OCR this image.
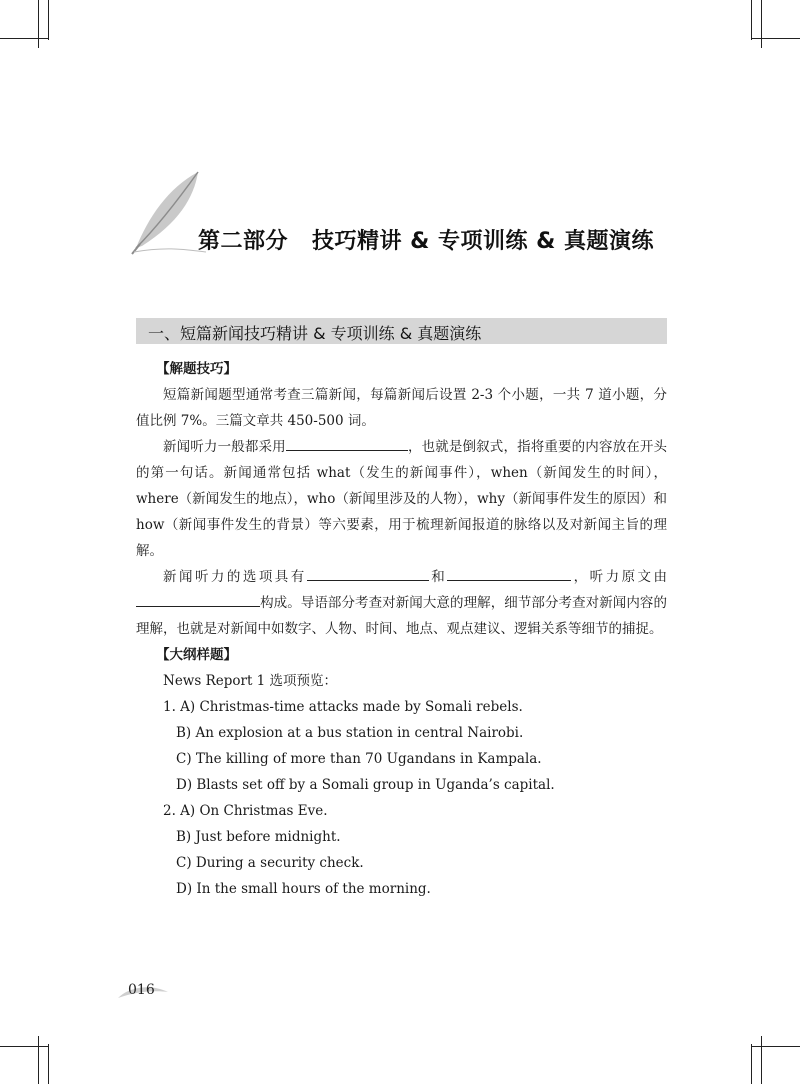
第二部分 技巧精讲 & 专项训练 & 真题演练
一、短篇新闻技巧精讲 & 专项训练 & 真题演练
【解题技巧】

短篇新闻题型通常考查三篇新闻，每篇新闻后设置 2-3 个小题，一共 7 道小题，分值比例 7%。三篇文章共 450-500 词。

新闻听力一般都采用	，也就是倒叙式，指将重要的内容放在开头的第一句话。新闻通常包括 what（发生的新闻事件），when（新闻发生的时间），where（新闻发生的地点），who（新闻里涉及的人物），why（新闻事件发生的原因）和 how（新闻事件发生的背景）等六要素，用于梳理新闻报道的脉络以及对新闻主旨的理解。

新闻听力的选项具有	和	，听力原文由构成。导语部分考查对新闻大意的理解，细节部分考查对新闻内容的理解，也就是对新闻中如数字、人物、时间、地点、观点建议、逻辑关系等细节的捕捉。

【大纲样题】

News Report 1 选项预览：

1. A) Christmas-time attacks made by Somali rebels.

B) An explosion at a bus station in central Nairobi.

C) The killing of more than 70 Ugandans in Kampala.

D) Blasts set off by a Somali group in Uganda’s capital.

2. A) On Christmas Eve.

B) Just before midnight.

C) During a security check.

D) In the small hours of the morning.

016
